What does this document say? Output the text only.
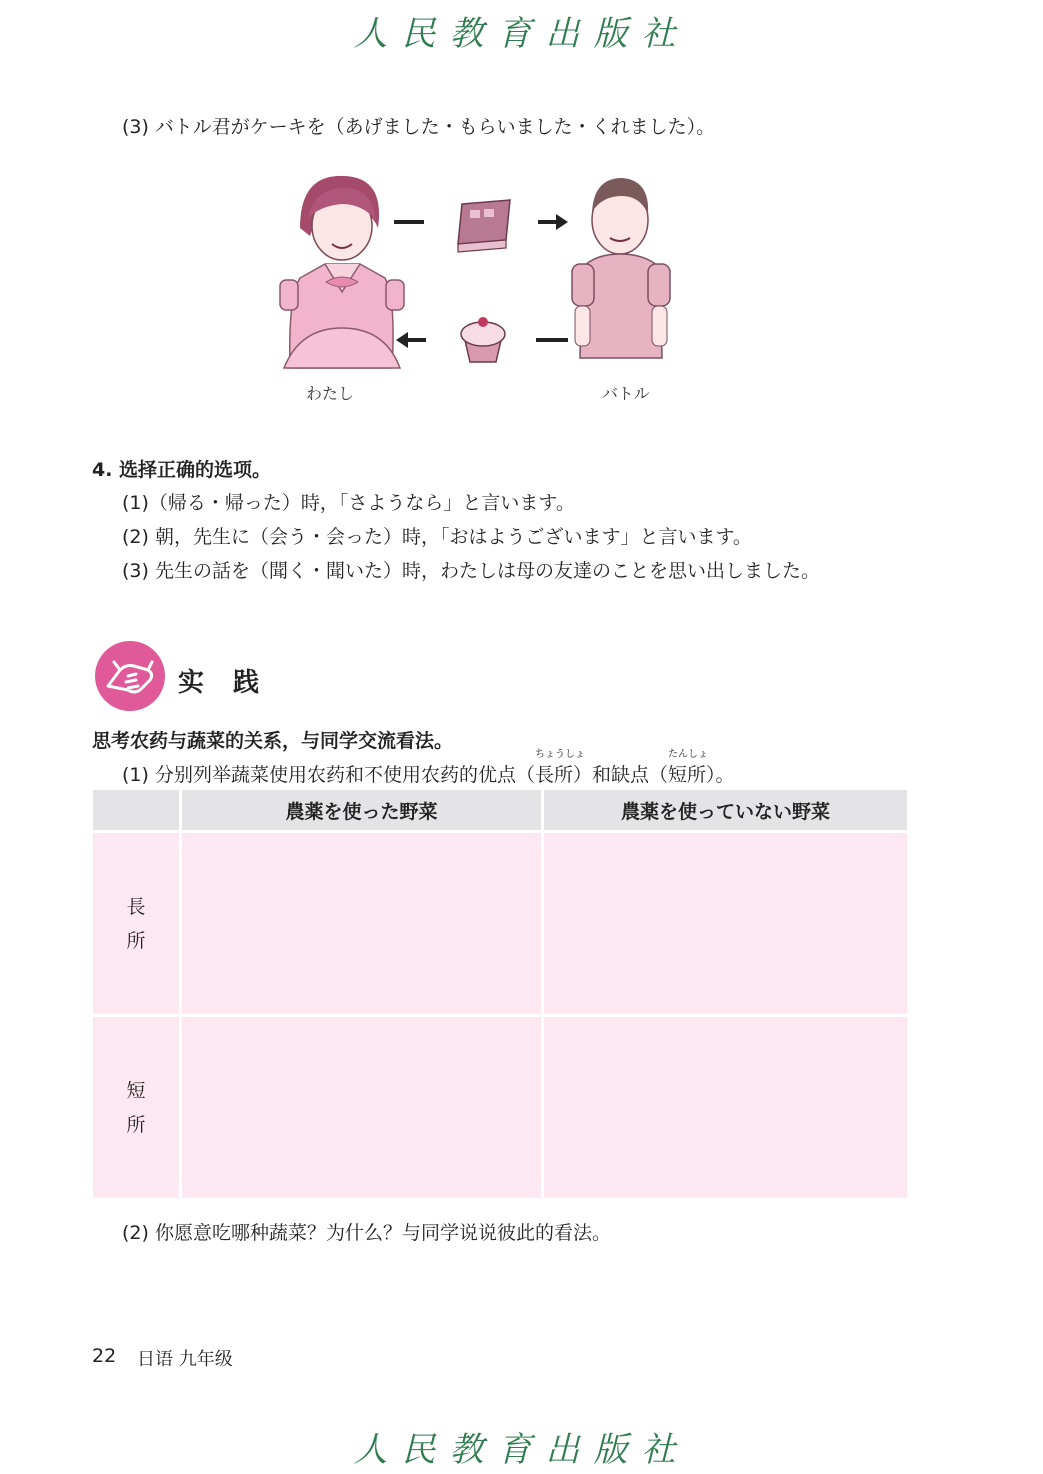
人民教育出版社
(3) バトル君がケーキを（あげました・もらいました・くれました）。
わたし	バトル
4. 选择正确的选项。
(1)（帰る・帰った）時，「さようなら」と言います。
(2) 朝，先生に（会う・会った）時，「おはようございます」と言います。
(3) 先生の話を（聞く・聞いた）時，わたしは母の友達のことを思い出しました。
实 践
思考农药与蔬菜的关系，与同学交流看法。
(1) 分别列举蔬菜使用农药和不使用农药的优点（
ちょうしょ
長所）和缺点（
たんしょ
短所）。
農薬を使った野菜	農薬を使っていない野菜
長
所
短
所
(2) 你愿意吃哪种蔬菜？为什么？与同学说说彼此的看法。
22 日语 九年级
人民教育出版社
